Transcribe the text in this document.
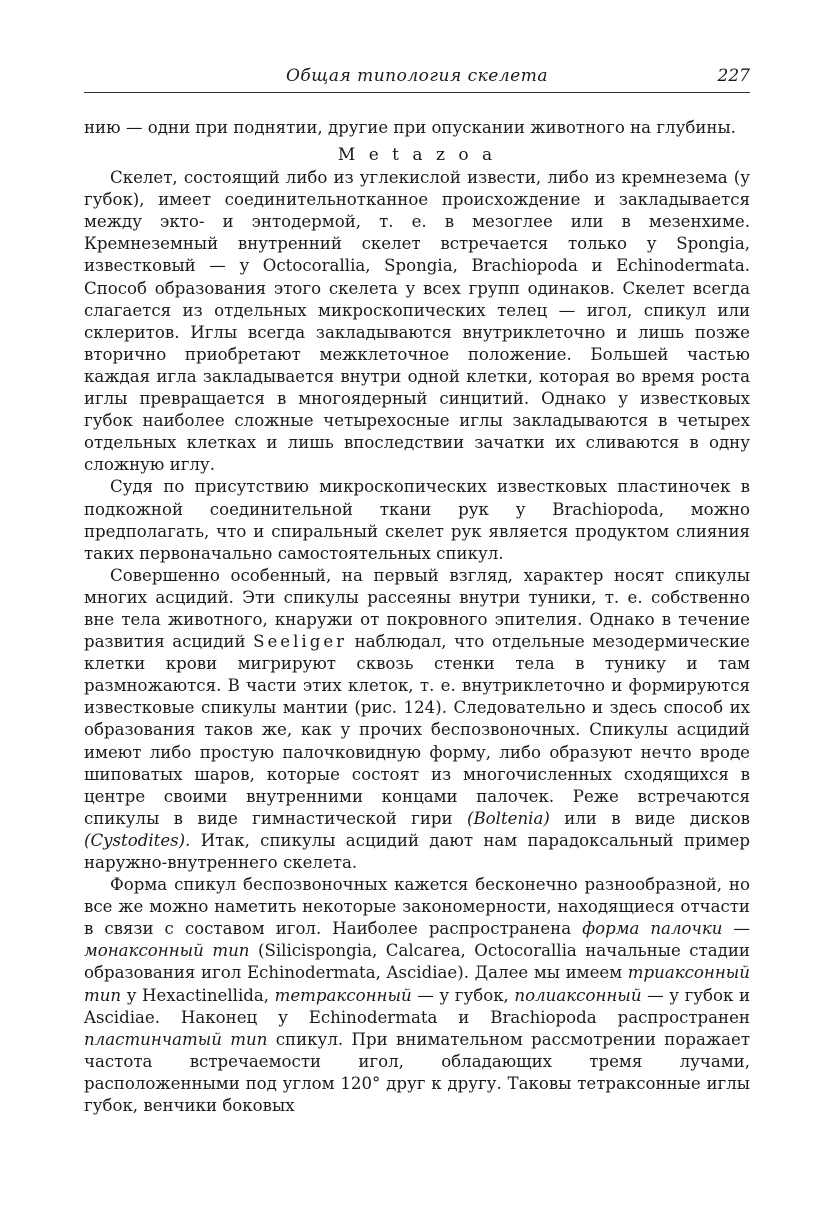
Общая типология скелета	227

нию — одни при поднятии, другие при опускании животного на глубины.

M e t a z o a

Скелет, состоящий либо из углекислой извести, либо из кремнезема (у губок), имеет соединительнотканное происхождение и закладывается между экто- и энтодермой, т. е. в мезоглее или в мезенхиме. Кремнеземный внутренний скелет встречается только у Spongia, известковый — у Octocorallia, Spongia, Brachiopoda и Echinodermata. Способ образования этого скелета у всех групп одинаков. Скелет всегда слагается из отдельных микроскопических телец — игол, спикул или склеритов. Иглы всегда закладываются внутриклеточно и лишь позже вторично приобретают межклеточное положение. Большей частью каждая игла закладывается внутри одной клетки, которая во время роста иглы превращается в многоядерный синцитий. Однако у известковых губок наиболее сложные четырехосные иглы закладываются в четырех отдельных клетках и лишь впоследствии зачатки их сливаются в одну сложную иглу.

Судя по присутствию микроскопических известковых пластиночек в подкожной соединительной ткани рук у Brachiopoda, можно предполагать, что и спиральный скелет рук является продуктом слияния таких первоначально самостоятельных спикул.

Совершенно особенный, на первый взгляд, характер носят спикулы многих асцидий. Эти спикулы рассеяны внутри туники, т. е. собственно вне тела животного, кнаружи от покровного эпителия. Однако в течение развития асцидий Seeliger наблюдал, что отдельные мезодермические клетки крови мигрируют сквозь стенки тела в тунику и там размножаются. В части этих клеток, т. е. внутриклеточно и формируются известковые спикулы мантии (рис. 124). Следовательно и здесь способ их образования таков же, как у прочих беспозвоночных. Спикулы асцидий имеют либо простую палочковидную форму, либо образуют нечто вроде шиповатых шаров, которые состоят из многочисленных сходящихся в центре своими внутренними концами палочек. Реже встречаются спикулы в виде гимнастической гири (Boltenia) или в виде дисков (Cystodites). Итак, спикулы асцидий дают нам парадоксальный пример наружно-внутреннего скелета.

Форма спикул беспозвоночных кажется бесконечно разнообразной, но все же можно наметить некоторые закономерности, находящиеся отчасти в связи с составом игол. Наиболее распространена форма палочки — монаксонный тип (Silicispongia, Calcarea, Octocorallia начальные стадии образования игол Echinodermata, Ascidiae). Далее мы имеем триаксонный тип у Hexactinellida, тетраксонный — у губок, полиаксонный — у губок и Ascidiae. Наконец у Echinodermata и Brachiopoda распространен пластинчатый тип спикул. При внимательном рассмотрении поражает частота встречаемости игол, обладающих тремя лучами, расположенными под углом 120° друг к другу. Таковы тетраксонные иглы губок, венчики боковых
